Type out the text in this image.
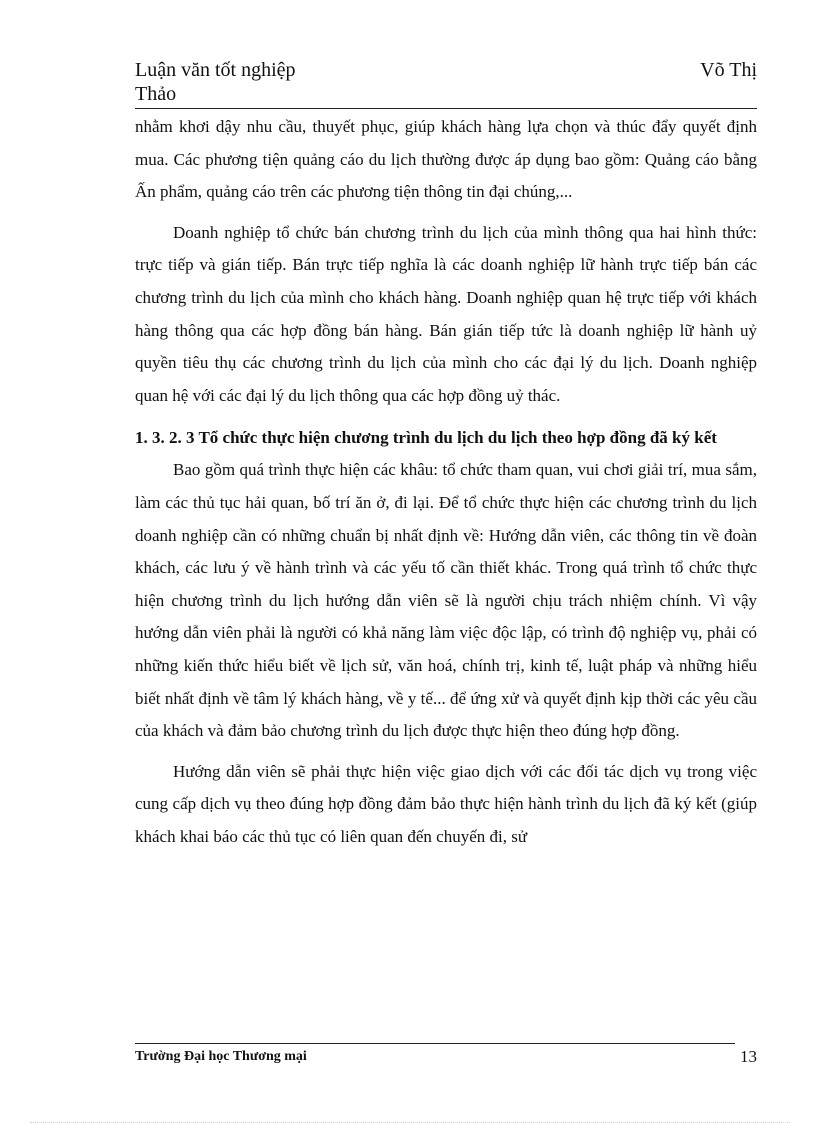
Luận văn tốt nghiệp	Võ Thị
Thảo

nhằm khơi dậy nhu cầu, thuyết phục, giúp khách hàng lựa chọn và thúc đẩy quyết định mua. Các phương tiện quảng cáo du lịch thường được áp dụng bao gồm: Quảng cáo bằng Ấn phẩm, quảng cáo trên các phương tiện thông tin đại chúng,...

Doanh nghiệp tổ chức bán chương trình du lịch của mình thông qua hai hình thức: trực tiếp và gián tiếp. Bán trực tiếp nghĩa là các doanh nghiệp lữ hành trực tiếp bán các chương trình du lịch của mình cho khách hàng. Doanh nghiệp quan hệ trực tiếp với khách hàng thông qua các hợp đồng bán hàng. Bán gián tiếp tức là doanh nghiệp lữ hành uỷ quyền tiêu thụ các chương trình du lịch của mình cho các đại lý du lịch. Doanh nghiệp quan hệ với các đại lý du lịch thông qua các hợp đồng uỷ thác.

1. 3. 2. 3 Tổ chức thực hiện chương trình du lịch du lịch theo hợp đồng đã ký kết

Bao gồm quá trình thực hiện các khâu: tổ chức tham quan, vui chơi giải trí, mua sắm, làm các thủ tục hải quan, bố trí ăn ở, đi lại. Để tổ chức thực hiện các chương trình du lịch doanh nghiệp cần có những chuẩn bị nhất định về: Hướng dẫn viên, các thông tin về đoàn khách, các lưu ý về hành trình và các yếu tố cần thiết khác. Trong quá trình tổ chức thực hiện chương trình du lịch hướng dẫn viên sẽ là người chịu trách nhiệm chính. Vì vậy hướng dẫn viên phải là người có khả năng làm việc độc lập, có trình độ nghiệp vụ, phải có những kiến thức hiểu biết về lịch sử, văn hoá, chính trị, kinh tế, luật pháp và những hiểu biết nhất định về tâm lý khách hàng, về y tế... để ứng xử và quyết định kịp thời các yêu cầu của khách và đảm bảo chương trình du lịch được thực hiện theo đúng hợp đồng.

Hướng dẫn viên sẽ phải thực hiện việc giao dịch với các đối tác dịch vụ trong việc cung cấp dịch vụ theo đúng hợp đồng đảm bảo thực hiện hành trình du lịch đã ký kết (giúp khách khai báo các thủ tục có liên quan đến chuyến đi, sử

Trường Đại học Thương mại	13
